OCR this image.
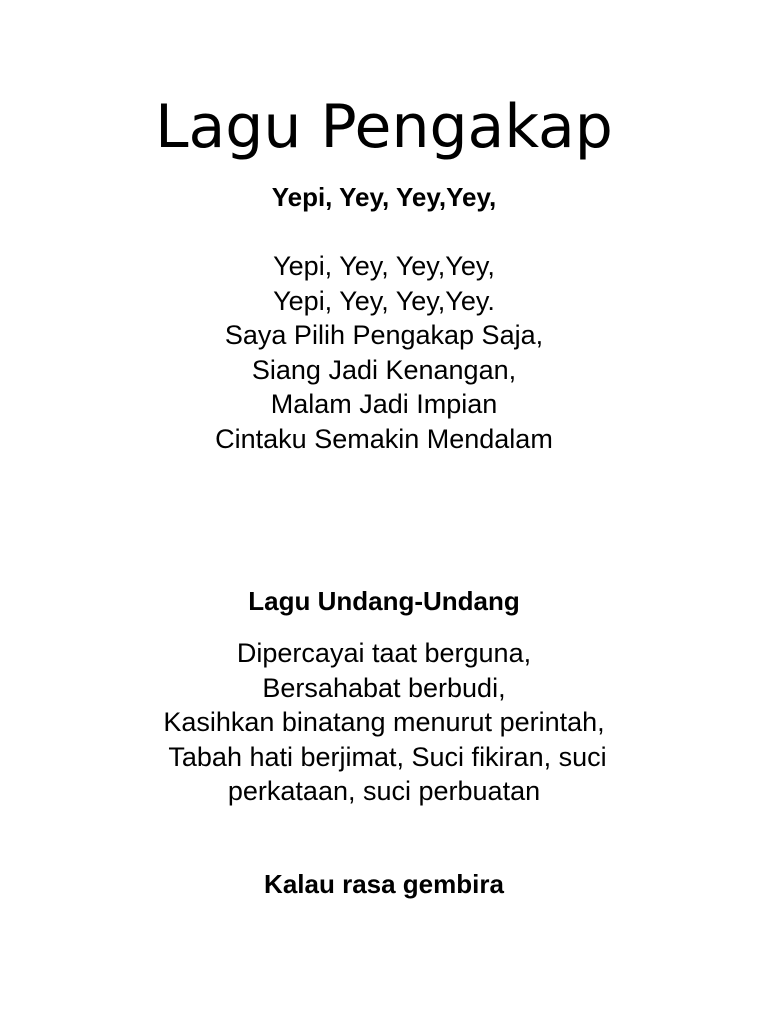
Lagu Pengakap
Yepi, Yey, Yey,Yey,
Yepi, Yey, Yey,Yey,
Yepi, Yey, Yey,Yey.
Saya Pilih Pengakap Saja,
Siang Jadi Kenangan,
Malam Jadi Impian
Cintaku Semakin Mendalam
Lagu Undang-Undang
Dipercayai taat berguna,
Bersahabat berbudi,
Kasihkan binatang menurut perintah,
Tabah hati berjimat, Suci fikiran, suci
perkataan, suci perbuatan
Kalau rasa gembira
